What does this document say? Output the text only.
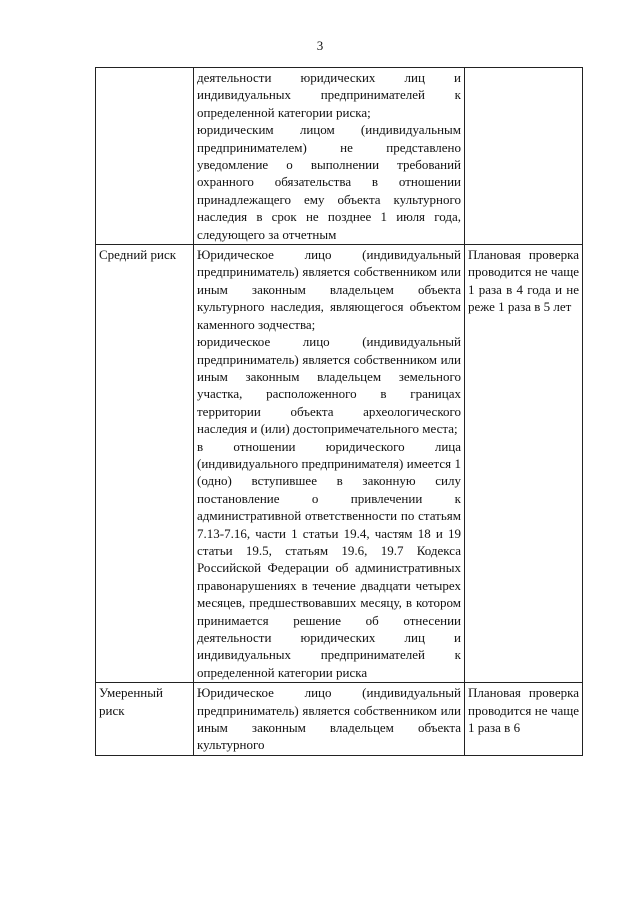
3

	деятельности юридических лиц и индивидуальных предпринимателей к определенной категории риска;

юридическим лицом (индивидуальным предпринимателем) не представлено уведомление о выполнении требований охранного обязательства в отношении принадлежащего ему объекта культурного наследия в срок не позднее 1 июля года, следующего за отчетным	

Средний риск	Юридическое лицо (индивидуальный предприниматель) является собственником или иным законным владельцем объекта культурного наследия, являющегося объектом каменного зодчества;

юридическое лицо (индивидуальный предприниматель) является собственником или иным законным владельцем земельного участка, расположенного в границах территории объекта археологического наследия и (или) достопримечательного места;

в отношении юридического лица (индивидуального предпринимателя) имеется 1 (одно) вступившее в законную силу постановление о привлечении к административной ответственности по статьям 7.13-7.16, части 1 статьи 19.4, частям 18 и 19 статьи 19.5, статьям 19.6, 19.7 Кодекса Российской Федерации об административных правонарушениях в течение двадцати четырех месяцев, предшествовавших месяцу, в котором принимается решение об отнесении деятельности юридических лиц и индивидуальных предпринимателей к определенной категории риска	Плановая проверка проводится не чаще 1 раза в 4 года и не реже 1 раза в 5 лет

Умеренный риск	Юридическое лицо (индивидуальный предприниматель) является собственником или иным законным владельцем объекта культурного	Плановая проверка проводится не чаще 1 раза в 6
